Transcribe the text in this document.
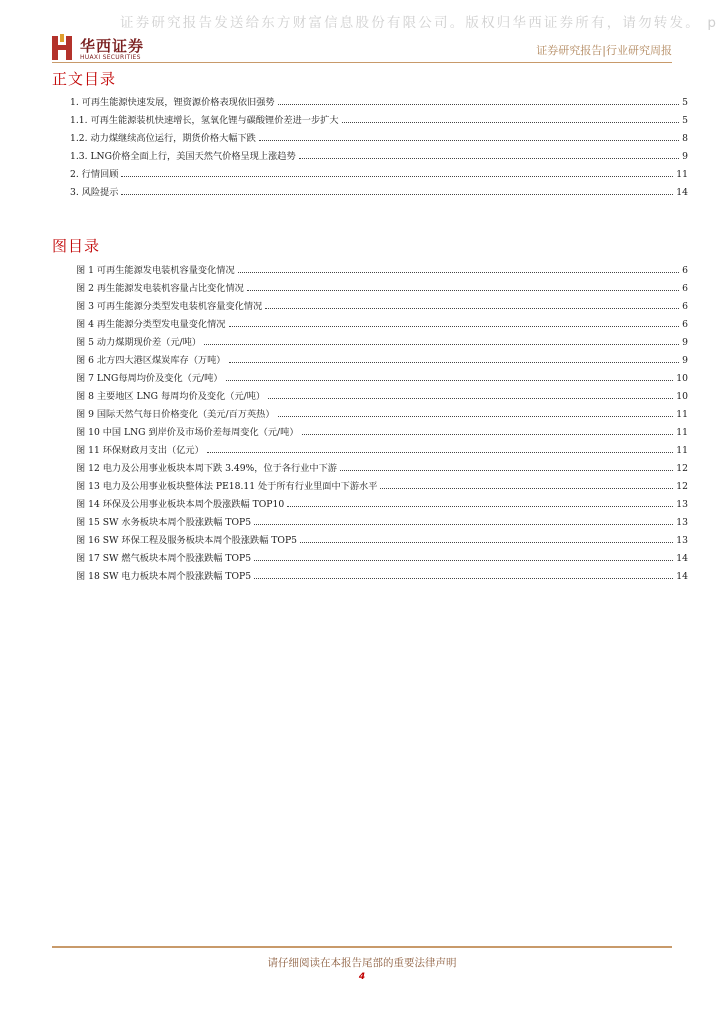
证券研究报告发送给东方财富信息股份有限公司。版权归华西证券所有，请勿转发。 p
华西证券
HUAXI SECURITIES
证券研究报告|行业研究周报
正文目录
1. 可再生能源快速发展，锂资源价格表现依旧强势	5
1.1. 可再生能源装机快速增长，氢氧化锂与碳酸锂价差进一步扩大	5
1.2. 动力煤继续高位运行，期货价格大幅下跌	8
1.3. LNG价格全面上行，美国天然气价格呈现上涨趋势	9
2. 行情回顾	11
3. 风险提示	14
图目录
图 1 可再生能源发电装机容量变化情况	6
图 2 再生能源发电装机容量占比变化情况	6
图 3 可再生能源分类型发电装机容量变化情况	6
图 4 再生能源分类型发电量变化情况	6
图 5 动力煤期现价差（元/吨）	9
图 6 北方四大港区煤炭库存（万吨）	9
图 7 LNG每周均价及变化（元/吨）	10
图 8 主要地区 LNG 每周均价及变化（元/吨）	10
图 9 国际天然气每日价格变化（美元/百万英热）	11
图 10 中国 LNG 到岸价及市场价差每周变化（元/吨）	11
图 11 环保财政月支出（亿元）	11
图 12 电力及公用事业板块本周下跌 3.49%，位于各行业中下游	12
图 13 电力及公用事业板块整体法 PE18.11 处于所有行业里面中下游水平	12
图 14 环保及公用事业板块本周个股涨跌幅 TOP10	13
图 15 SW 水务板块本周个股涨跌幅 TOP5	13
图 16 SW 环保工程及服务板块本周个股涨跌幅 TOP5	13
图 17 SW 燃气板块本周个股涨跌幅 TOP5	14
图 18 SW 电力板块本周个股涨跌幅 TOP5	14
请仔细阅读在本报告尾部的重要法律声明
4
